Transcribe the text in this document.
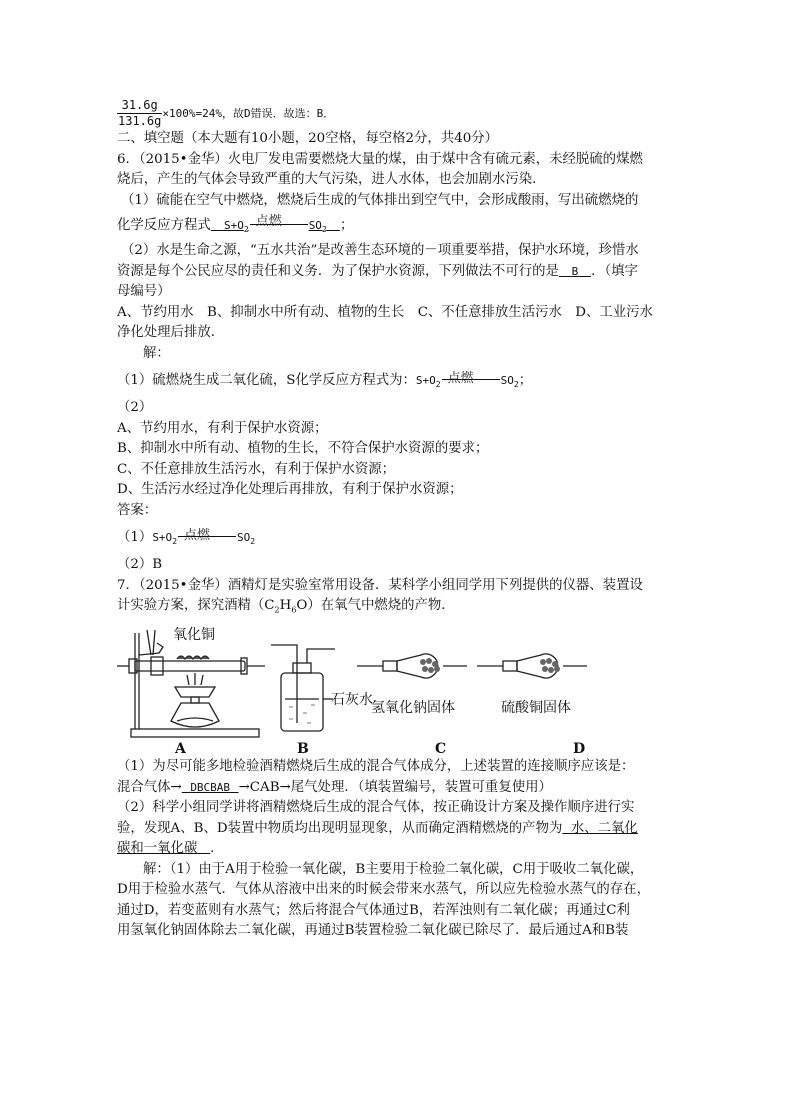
$\frac{31.6g}{131.6g} \times 100\%=24\%$，故D错误．故选：B．
二、填空题（本大题有10小题，20空格，每空格2分，共40分）
6．（2015•金华）火电厂发电需要燃烧大量的煤，由于煤中含有硫元素，未经脱硫的煤燃
烧后，产生的气体会导致严重的大气污染，进人水体，也会加剧水污染．
（1）硫能在空气中燃烧，燃烧后生成的气体排出到空气中，会形成酸雨，写出硫燃烧的
化学反应方程式 $S+O_2$
点燃 $SO_2$ ；
（2）水是生命之源，“五水共治”是改善生态环境的－项重要举措，保护水环境，珍惜水
资源是每个公民应尽的责任和义务．为了保护水资源，下列做法不可行的是 B ．（填字
母编号）
A、节约用水　B、抑制水中所有动、植物的生长　C、不任意排放生活污水　D、工业污水
净化处理后排放．
解：
（1）硫燃烧生成二氧化硫，S化学反应方程式为：$S+O_2$ 点燃 $SO_2$；
（2）
A、节约用水，有利于保护水资源；
B、抑制水中所有动、植物的生长，不符合保护水资源的要求；
C、不任意排放生活污水，有利于保护水资源；
D、生活污水经过净化处理后再排放，有利于保护水资源；
答案：
$(1)S+O_2$ 点燃 $SO_2$
（2）B
7．（2015•金华）酒精灯是实验室常用设备．某科学小组同学用下列提供的仪器、装置设
计实验方案，探究酒精$(C_2H_6O)$在氧气中燃烧的产物．
氧化铜
石灰水
氢氧化钠固体	硫酸铜固体
A	B	C	D
（1）为尽可能多地检验酒精燃烧后生成的混合气体成分，上述装置的连接顺序应该是：
混合气体→ DBCBAB →CAB→尾气处理．（填装置编号，装置可重复使用）
（2）科学小组同学讲将酒精燃烧后生成的混合气体，按正确设计方案及操作顺序进行实
验，发现A、B、D装置中物质均出现明显现象，从而确定酒精燃烧的产物为 水、二氧化
碳和一氧化碳 ．
解：（1）由于A用于检验一氧化碳，B主要用于检验二氧化碳，C用于吸收二氧化碳，
D用于检验水蒸气．气体从溶液中出来的时候会带来水蒸气，所以应先检验水蒸气的存在，
通过D，若变蓝则有水蒸气；然后将混合气体通过B，若浑浊则有二氧化碳；再通过C利
用氢氧化钠固体除去二氧化碳，再通过B装置检验二氧化碳已除尽了．最后通过A和B装
